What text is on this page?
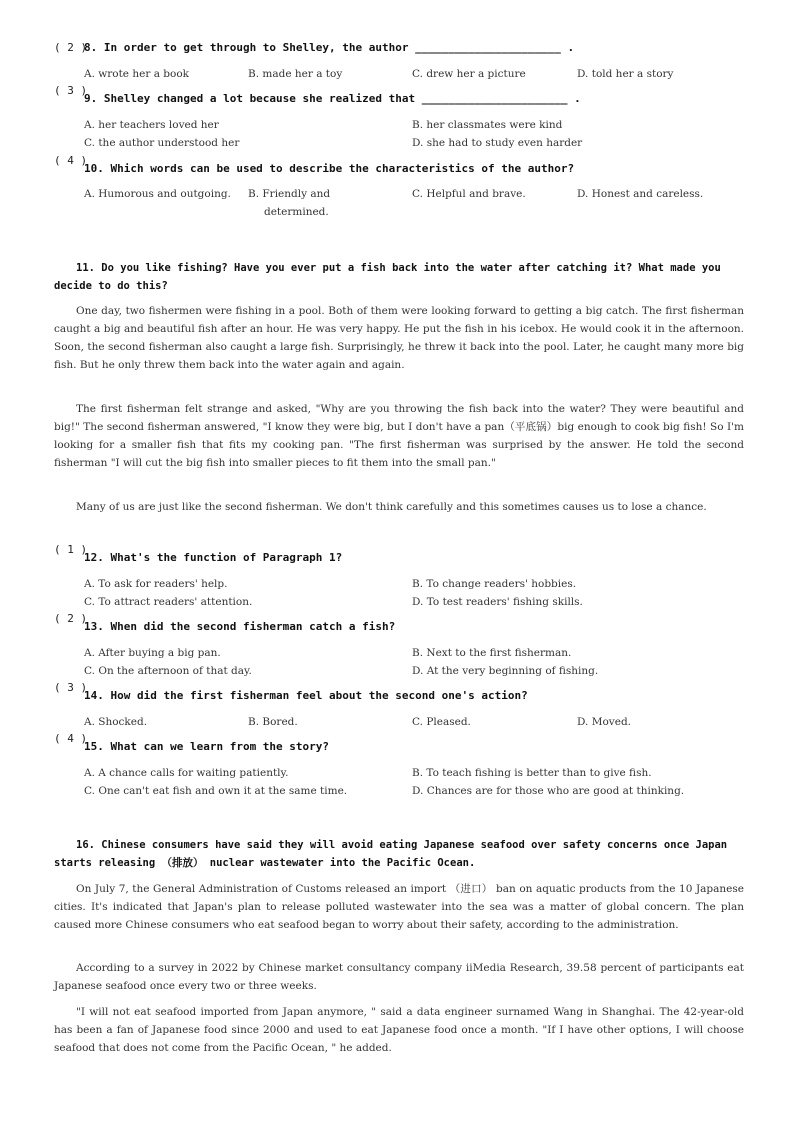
( 2 )
8. In order to get through to Shelley, the author ______________________ .
A. wrote her a book	B. made her a toy	C. drew her a picture	D. told her a story
( 3 )
9. Shelley changed a lot because she realized that ______________________ .
A. her teachers loved her	B. her classmates were kind
C. the author understood her	D. she had to study even harder
( 4 )
10. Which words can be used to describe the characteristics of the author?
A. Humorous and outgoing. B. Friendly and determined.
C. Helpful and brave.	D. Honest and careless.
11. Do you like fishing? Have you ever put a fish back into the water after catching it? What made you decide to do this?
One day, two fishermen were fishing in a pool. Both of them were looking forward to getting a big catch. The first fisherman caught a big and beautiful fish after an hour. He was very happy. He put the fish in his icebox. He would cook it in the afternoon. Soon, the second fisherman also caught a large fish. Surprisingly, he threw it back into the pool. Later, he caught many more big fish. But he only threw them back into the water again and again.
The first fisherman felt strange and asked, "Why are you throwing the fish back into the water? They were beautiful and big!" The second fisherman answered, "I know they were big, but I don't have a pan（平底锅）big enough to cook big fish! So I'm looking for a smaller fish that fits my cooking pan. "The first fisherman was surprised by the answer. He told the second fisherman "I will cut the big fish into smaller pieces to fit them into the small pan."
Many of us are just like the second fisherman. We don't think carefully and this sometimes causes us to lose a chance.
( 1 )
12. What's the function of Paragraph 1?
A. To ask for readers' help.	B. To change readers' hobbies.
C. To attract readers' attention.	D. To test readers' fishing skills.
( 2 )
13. When did the second fisherman catch a fish?
A. After buying a big pan.	B. Next to the first fisherman.
C. On the afternoon of that day.	D. At the very beginning of fishing.
( 3 )
14. How did the first fisherman feel about the second one's action?
A. Shocked.	B. Bored.	C. Pleased.	D. Moved.
( 4 )
15. What can we learn from the story?
A. A chance calls for waiting patiently.	B. To teach fishing is better than to give fish.
C. One can't eat fish and own it at the same time.	D. Chances are for those who are good at thinking.
16. Chinese consumers have said they will avoid eating Japanese seafood over safety concerns once Japan starts releasing （排放） nuclear wastewater into the Pacific Ocean.
On July 7, the General Administration of Customs released an import （进口） ban on aquatic products from the 10 Japanese cities. It's indicated that Japan's plan to release polluted wastewater into the sea was a matter of global concern. The plan caused more Chinese consumers who eat seafood began to worry about their safety, according to the administration.
According to a survey in 2022 by Chinese market consultancy company iiMedia Research, 39.58 percent of participants eat Japanese seafood once every two or three weeks.
"I will not eat seafood imported from Japan anymore, " said a data engineer surnamed Wang in Shanghai. The 42-year-old has been a fan of Japanese food since 2000 and used to eat Japanese food once a month. "If I have other options, I will choose seafood that does not come from the Pacific Ocean, " he added.
